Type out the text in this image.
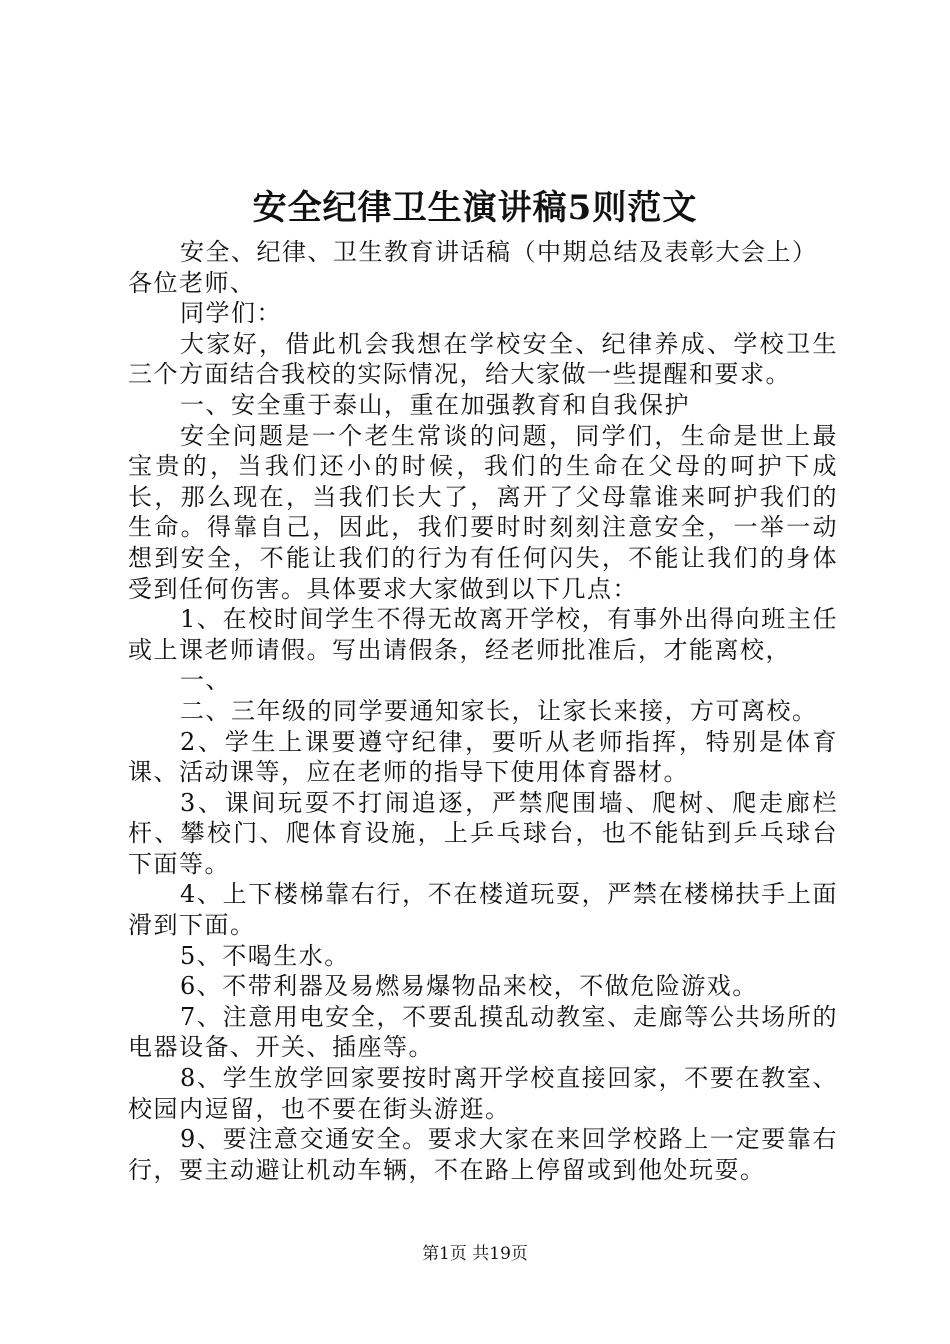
安全纪律卫生演讲稿5则范文

安全、纪律、卫生教育讲话稿（中期总结及表彰大会上）

各位老师、

同学们：

大家好，借此机会我想在学校安全、纪律养成、学校卫生三个方面结合我校的实际情况，给大家做一些提醒和要求。

一、安全重于泰山，重在加强教育和自我保护

安全问题是一个老生常谈的问题，同学们，生命是世上最宝贵的，当我们还小的时候，我们的生命在父母的呵护下成长，那么现在，当我们长大了，离开了父母靠谁来呵护我们的生命。得靠自己，因此，我们要时时刻刻注意安全，一举一动想到安全，不能让我们的行为有任何闪失，不能让我们的身体受到任何伤害。具体要求大家做到以下几点：

1、在校时间学生不得无故离开学校，有事外出得向班主任或上课老师请假。写出请假条，经老师批准后，才能离校，

一、

二、三年级的同学要通知家长，让家长来接，方可离校。

2、学生上课要遵守纪律，要听从老师指挥，特别是体育课、活动课等，应在老师的指导下使用体育器材。

3、课间玩耍不打闹追逐，严禁爬围墙、爬树、爬走廊栏杆、攀校门、爬体育设施，上乒乓球台，也不能钻到乒乓球台下面等。

4、上下楼梯靠右行，不在楼道玩耍，严禁在楼梯扶手上面滑到下面。

5、不喝生水。

6、不带利器及易燃易爆物品来校，不做危险游戏。

7、注意用电安全，不要乱摸乱动教室、走廊等公共场所的电器设备、开关、插座等。

8、学生放学回家要按时离开学校直接回家，不要在教室、校园内逗留，也不要在街头游逛。

9、要注意交通安全。要求大家在来回学校路上一定要靠右行，要主动避让机动车辆，不在路上停留或到他处玩耍。

第1页 共19页
